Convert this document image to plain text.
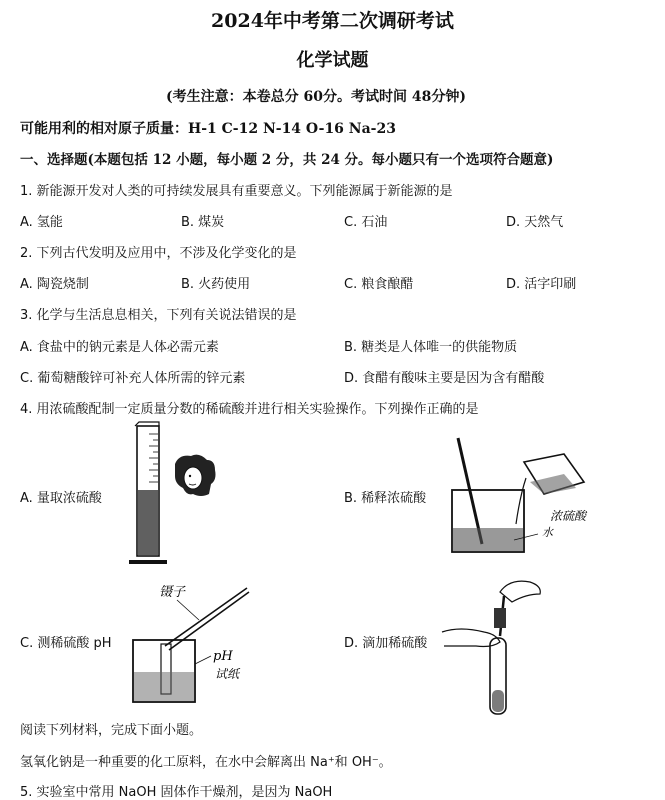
2024年中考第二次调研考试
化学试题
(考生注意：本卷总分 60分。考试时间 48分钟)
可能用利的相对原子质量：H-1 C-12 N-14 O-16 Na-23
一、选择题(本题包括 12 小题，每小题 2 分，共 24 分。每小题只有一个选项符合题意)
1. 新能源开发对人类的可持续发展具有重要意义。下列能源属于新能源的是
A. 氢能	B. 煤炭	C. 石油	D. 天然气
2. 下列古代发明及应用中，不涉及化学变化的是
A. 陶瓷烧制	B. 火药使用	C. 粮食酿醋	D. 活字印刷
3. 化学与生活息息相关，下列有关说法错误的是
A. 食盐中的钠元素是人体必需元素	B. 糖类是人体唯一的供能物质
C. 葡萄糖酸锌可补充人体所需的锌元素	D. 食醋有酸味主要是因为含有醋酸
4. 用浓硫酸配制一定质量分数的稀硫酸并进行相关实验操作。下列操作正确的是
A. 量取浓硫酸	B. 稀释浓硫酸
C. 测稀硫酸 pH	D. 滴加稀硫酸
浓硫酸
水
镊子
pH
试纸
阅读下列材料，完成下面小题。
氢氧化钠是一种重要的化工原料，在水中会解离出 Na⁺和 OH⁻。
5. 实验室中常用 NaOH 固体作干燥剂，是因为 NaOH
